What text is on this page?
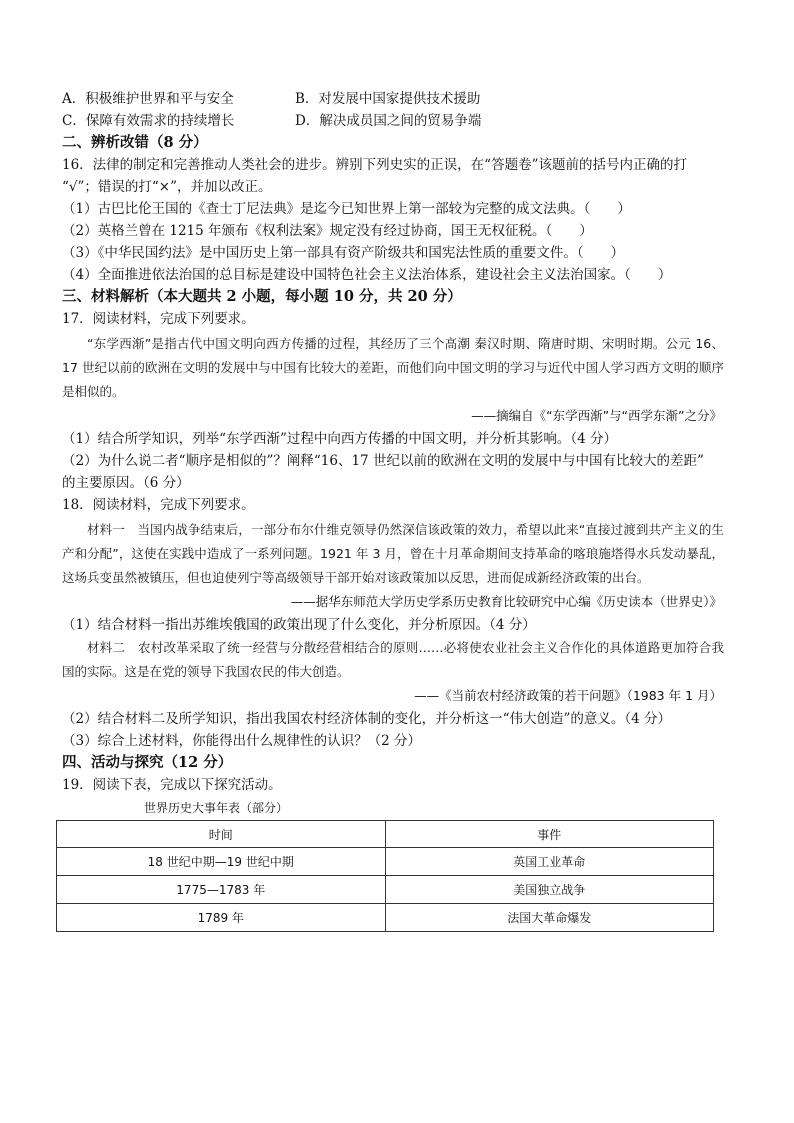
A．积极维护世界和平与安全	B．对发展中国家提供技术援助
C．保障有效需求的持续增长	D．解决成员国之间的贸易争端
二、辨析改错（8 分）
16．法律的制定和完善推动人类社会的进步。辨别下列史实的正误，在“答题卷”该题前的括号内正确的打
“√”；错误的打“×”，并加以改正。
（1）古巴比伦王国的《查士丁尼法典》是迄今已知世界上第一部较为完整的成文法典。（　　）
（2）英格兰曾在 1215 年颁布《权利法案》规定没有经过协商，国王无权征税。（　　）
（3）《中华民国约法》是中国历史上第一部具有资产阶级共和国宪法性质的重要文件。（　　）
（4）全面推进依法治国的总目标是建设中国特色社会主义法治体系，建设社会主义法治国家。（　　）
三、材料解析（本大题共 2 小题，每小题 10 分，共 20 分）
17．阅读材料，完成下列要求。
“东学西渐”是指古代中国文明向西方传播的过程，其经历了三个高潮 秦汉时期、隋唐时期、宋明时期。公元 16、17 世纪以前的欧洲在文明的发展中与中国有比较大的差距，而他们向中国文明的学习与近代中国人学习西方文明的顺序是相似的。
——摘编自《“东学西渐”与“西学东渐”之分》
（1）结合所学知识，列举“东学西渐”过程中向西方传播的中国文明，并分析其影响。（4 分）
（2）为什么说二者“顺序是相似的”？阐释“16、17 世纪以前的欧洲在文明的发展中与中国有比较大的差距”
的主要原因。（6 分）
18．阅读材料，完成下列要求。
材料一　当国内战争结束后，一部分布尔什维克领导仍然深信该政策的效力，希望以此来“直接过渡到共产主义的生产和分配”，这使在实践中造成了一系列问题。1921 年 3 月，曾在十月革命期间支持革命的喀琅施塔得水兵发动暴乱，这场兵变虽然被镇压，但也迫使列宁等高级领导干部开始对该政策加以反思，进而促成新经济政策的出台。
——据华东师范大学历史学系历史教育比较研究中心编《历史读本（世界史）》
（1）结合材料一指出苏维埃俄国的政策出现了什么变化，并分析原因。（4 分）
材料二　农村改革采取了统一经营与分散经营相结合的原则……必将使农业社会主义合作化的具体道路更加符合我国的实际。这是在党的领导下我国农民的伟大创造。
——《当前农村经济政策的若干问题》（1983 年 1 月）
（2）结合材料二及所学知识，指出我国农村经济体制的变化，并分析这一“伟大创造”的意义。（4 分）
（3）综合上述材料，你能得出什么规律性的认识？（2 分）
四、活动与探究（12 分）
19．阅读下表，完成以下探究活动。
世界历史大事年表（部分）
时间	事件
18 世纪中期—19 世纪中期	英国工业革命
1775—1783 年	美国独立战争
1789 年	法国大革命爆发
